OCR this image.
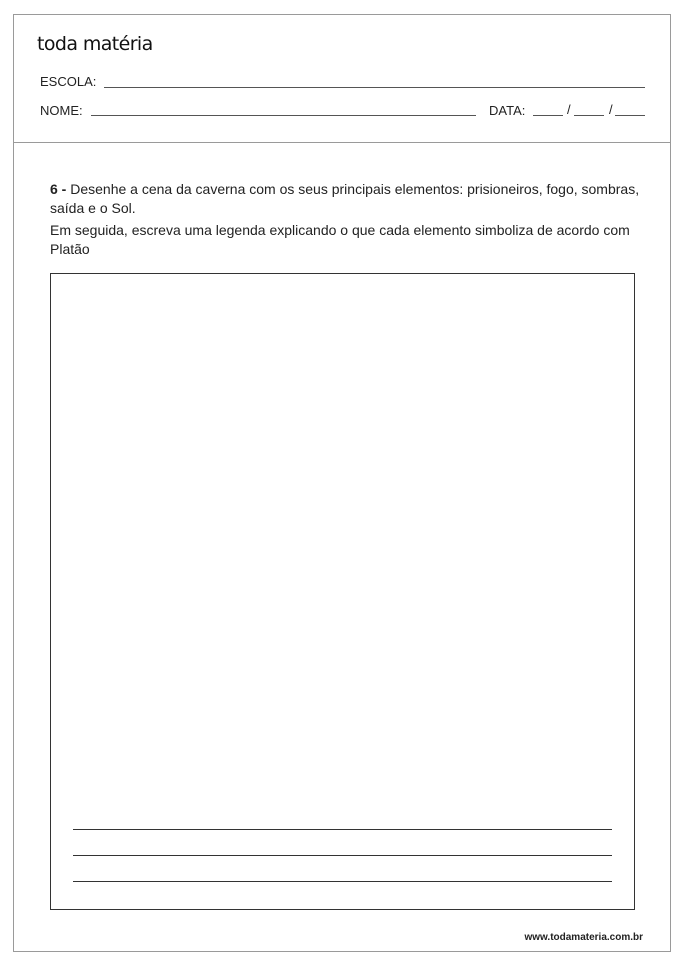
toda matéria
ESCOLA:
NOME:	DATA:	/	/
6 - Desenhe a cena da caverna com os seus principais elementos: prisioneiros, fogo, sombras, saída e o Sol.
Em seguida, escreva uma legenda explicando o que cada elemento simboliza de acordo com Platão
www.todamateria.com.br
